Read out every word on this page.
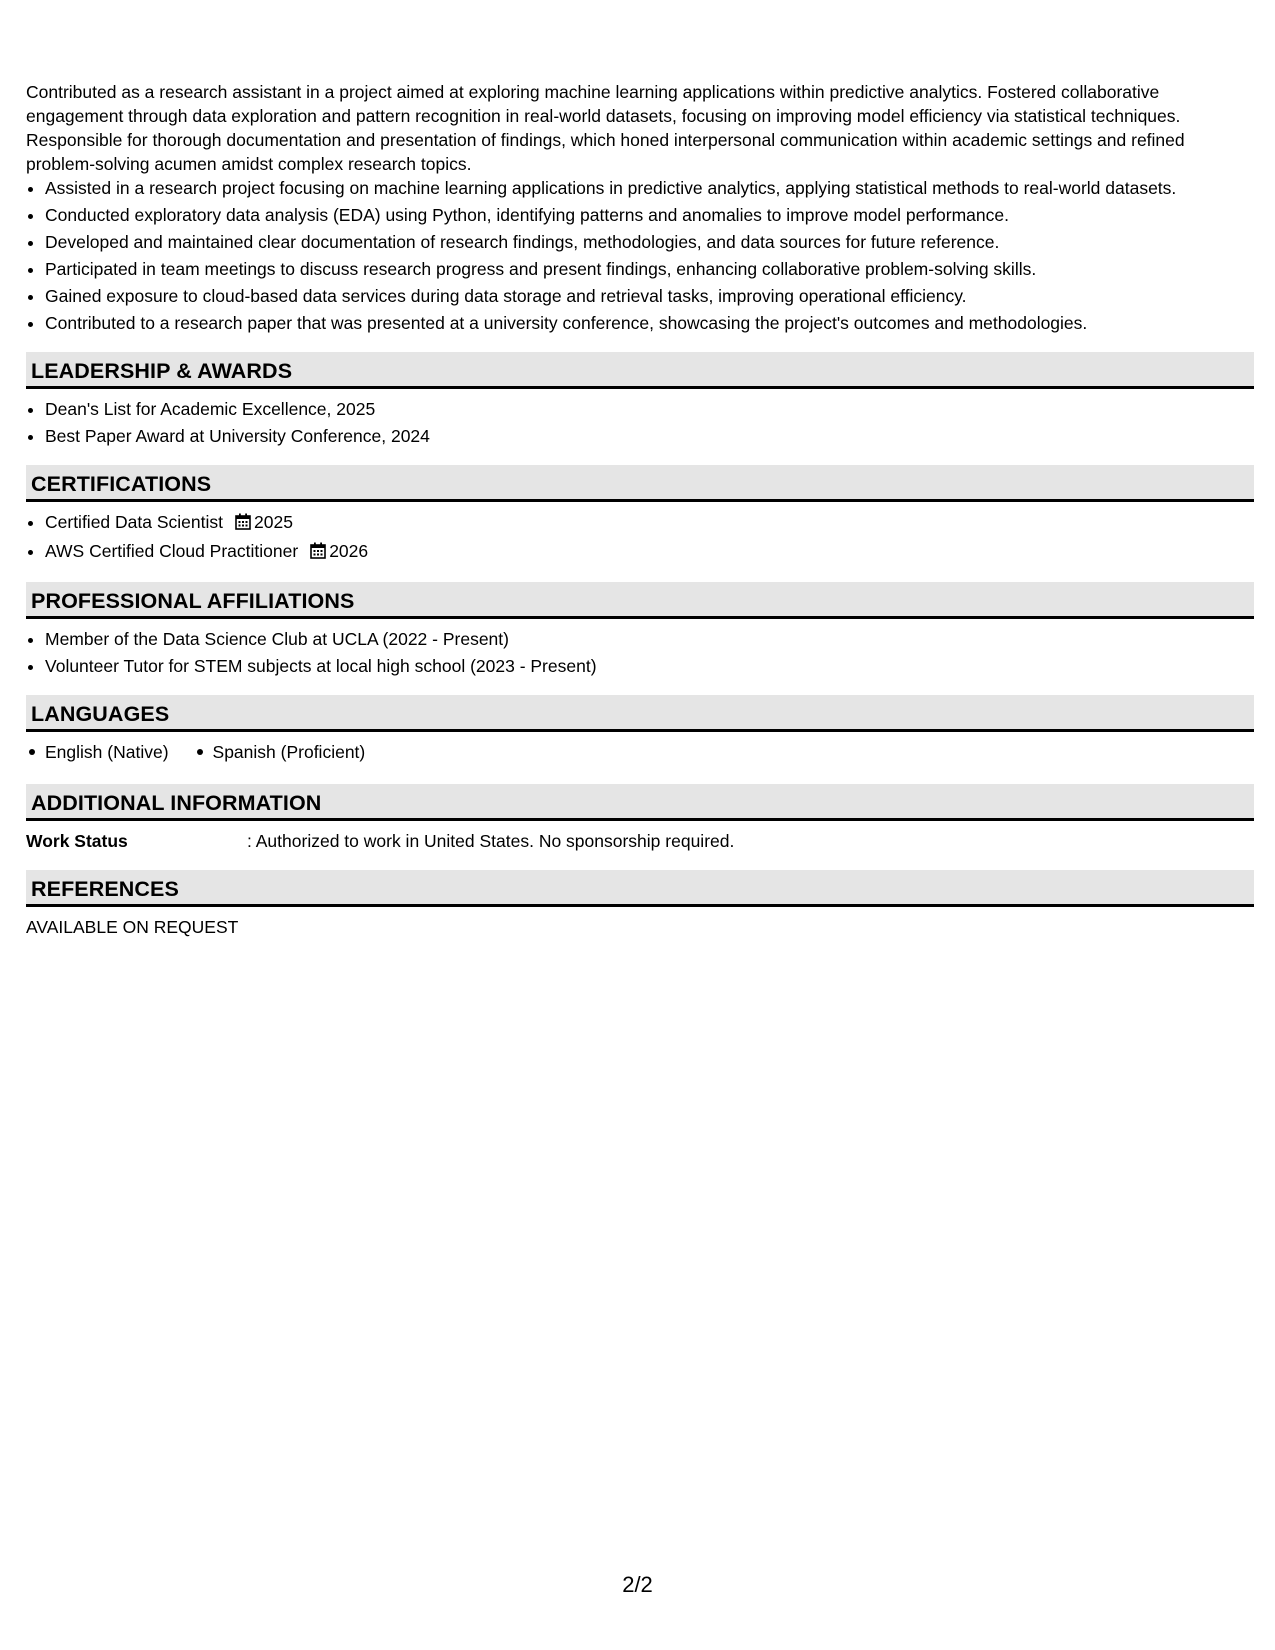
Contributed as a research assistant in a project aimed at exploring machine learning applications within predictive analytics. Fostered collaborative engagement through data exploration and pattern recognition in real-world datasets, focusing on improving model efficiency via statistical techniques. Responsible for thorough documentation and presentation of findings, which honed interpersonal communication within academic settings and refined problem-solving acumen amidst complex research topics.

• Assisted in a research project focusing on machine learning applications in predictive analytics, applying statistical methods to real-world datasets.
• Conducted exploratory data analysis (EDA) using Python, identifying patterns and anomalies to improve model performance.
• Developed and maintained clear documentation of research findings, methodologies, and data sources for future reference.
• Participated in team meetings to discuss research progress and present findings, enhancing collaborative problem-solving skills.
• Gained exposure to cloud-based data services during data storage and retrieval tasks, improving operational efficiency.
• Contributed to a research paper that was presented at a university conference, showcasing the project's outcomes and methodologies.
LEADERSHIP & AWARDS
• Dean's List for Academic Excellence, 2025
• Best Paper Award at University Conference, 2024
CERTIFICATIONS
• Certified Data Scientist 2025
• AWS Certified Cloud Practitioner 2026
PROFESSIONAL AFFILIATIONS
• Member of the Data Science Club at UCLA (2022 - Present)
• Volunteer Tutor for STEM subjects at local high school (2023 - Present)
LANGUAGES
English (Native)	Spanish (Proficient)
ADDITIONAL INFORMATION
Work Status	: Authorized to work in United States. No sponsorship required.
REFERENCES
AVAILABLE ON REQUEST
2/2
